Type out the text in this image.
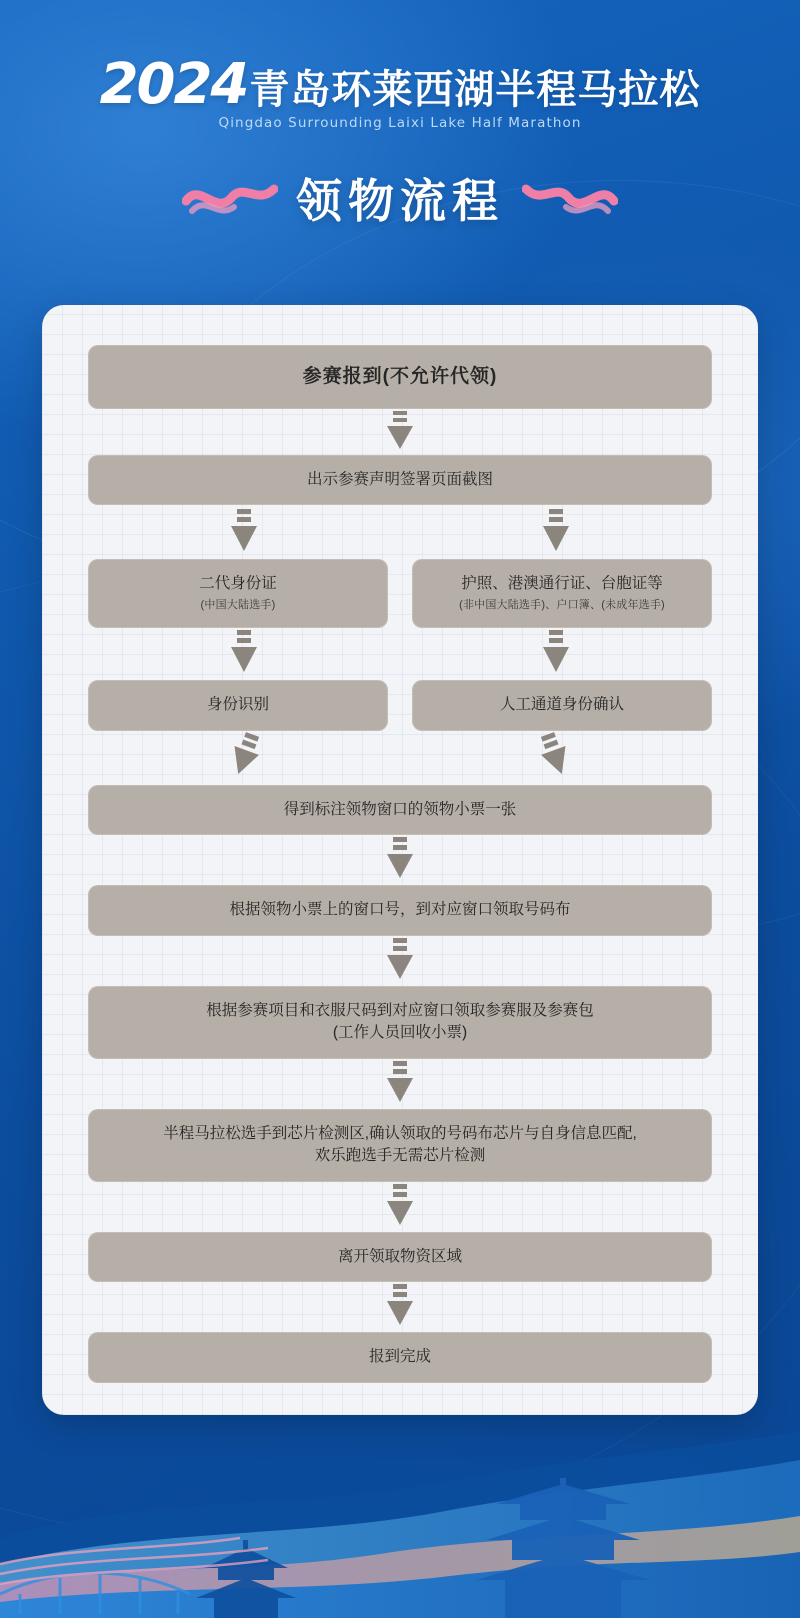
2024 青岛环莱西湖半程马拉松
Qingdao Surrounding Laixi Lake Half Marathon
领物流程
参赛报到(不允许代领)
出示参赛声明签署页面截图
二代身份证
(中国大陆选手)
护照、港澳通行证、台胞证等
(非中国大陆选手)、户口簿、(未成年选手)
身份识别	人工通道身份确认
得到标注领物窗口的领物小票一张
根据领物小票上的窗口号，到对应窗口领取号码布
根据参赛项目和衣服尺码到对应窗口领取参赛服及参赛包
(工作人员回收小票)
半程马拉松选手到芯片检测区,确认领取的号码布芯片与自身信息匹配,
欢乐跑选手无需芯片检测
离开领取物资区域
报到完成
